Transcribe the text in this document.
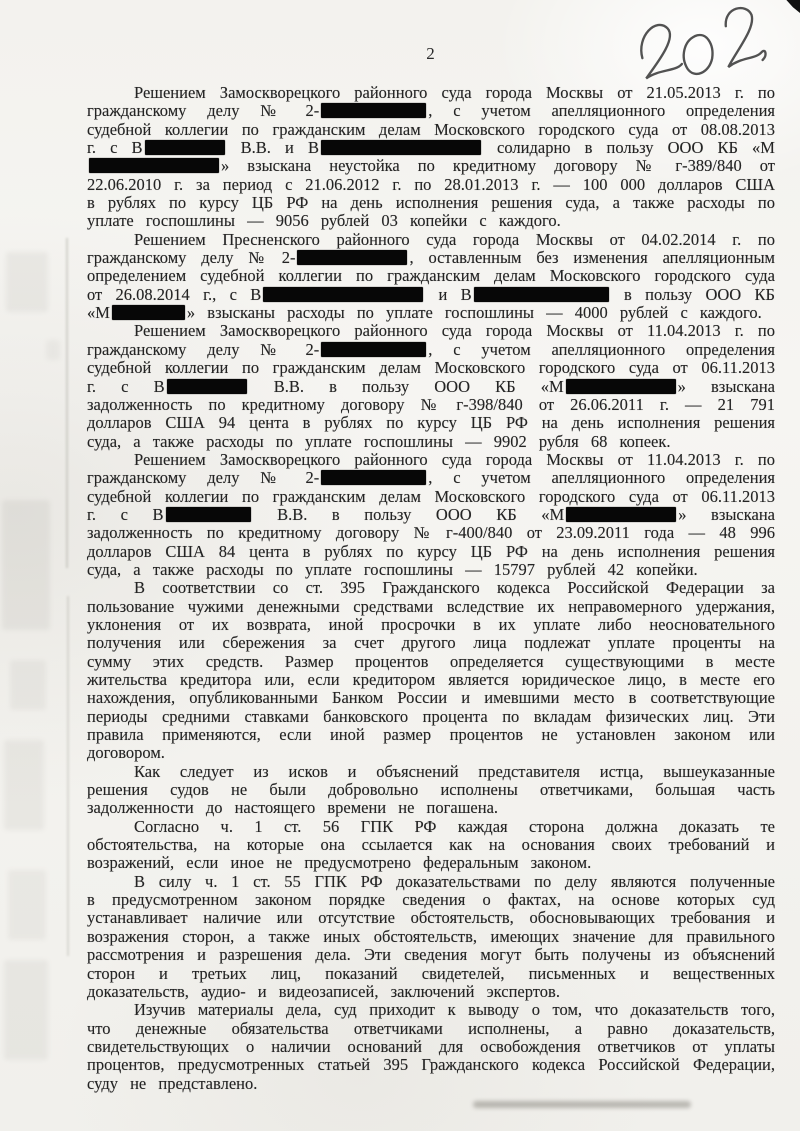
2

Решением Замоскворецкого районного суда города Москвы от 21.05.2013 г. по гражданскому делу № 2-	, с учетом апелляционного определения судебной коллегии по гражданским делам Московского городского суда от 08.08.2013 г. с В	В.В. и В	солидарно в пользу ООО КБ «М» взыскана неустойка по кредитному договору № г-389/840 от 22.06.2010 г. за период с 21.06.2012 г. по 28.01.2013 г. — 100 000 долларов США в рублях по курсу ЦБ РФ на день исполнения решения суда, а также расходы по уплате госпошлины — 9056 рублей 03 копейки с каждого.

Решением Пресненского районного суда города Москвы от 04.02.2014 г. по гражданскому делу № 2-	, оставленным без изменения апелляционным определением судебной коллегии по гражданским делам Московского городского суда от 26.08.2014 г., с В	и В	в пользу ООО КБ «М	» взысканы расходы по уплате госпошлины — 4000 рублей с каждого.

Решением Замоскворецкого районного суда города Москвы от 11.04.2013 г. по гражданскому делу № 2-	, с учетом апелляционного определения судебной коллегии по гражданским делам Московского городского суда от 06.11.2013 г. с В	В.В. в пользу ООО КБ «М	» взыскана задолженность по кредитному договору № г-398/840 от 26.06.2011 г. — 21 791 долларов США 94 цента в рублях по курсу ЦБ РФ на день исполнения решения суда, а также расходы по уплате госпошлины — 9902 рубля 68 копеек.

Решением Замоскворецкого районного суда города Москвы от 11.04.2013 г. по гражданскому делу № 2-	, с учетом апелляционного определения судебной коллегии по гражданским делам Московского городского суда от 06.11.2013 г. с В	В.В. в пользу ООО КБ «М	» взыскана задолженность по кредитному договору № г-400/840 от 23.09.2011 года — 48 996 долларов США 84 цента в рублях по курсу ЦБ РФ на день исполнения решения суда, а также расходы по уплате госпошлины — 15797 рублей 42 копейки.

В соответствии со ст. 395 Гражданского кодекса Российской Федерации за пользование чужими денежными средствами вследствие их неправомерного удержания, уклонения от их возврата, иной просрочки в их уплате либо неосновательного получения или сбережения за счет другого лица подлежат уплате проценты на сумму этих средств. Размер процентов определяется существующими в месте жительства кредитора или, если кредитором является юридическое лицо, в месте его нахождения, опубликованными Банком России и имевшими место в соответствующие периоды средними ставками банковского процента по вкладам физических лиц. Эти правила применяются, если иной размер процентов не установлен законом или договором.

Как следует из исков и объяснений представителя истца, вышеуказанные решения судов не были добровольно исполнены ответчиками, большая часть задолженности до настоящего времени не погашена.

Согласно ч. 1 ст. 56 ГПК РФ каждая сторона должна доказать те обстоятельства, на которые она ссылается как на основания своих требований и возражений, если иное не предусмотрено федеральным законом.

В силу ч. 1 ст. 55 ГПК РФ доказательствами по делу являются полученные в предусмотренном законом порядке сведения о фактах, на основе которых суд устанавливает наличие или отсутствие обстоятельств, обосновывающих требования и возражения сторон, а также иных обстоятельств, имеющих значение для правильного рассмотрения и разрешения дела. Эти сведения могут быть получены из объяснений сторон и третьих лиц, показаний свидетелей, письменных и вещественных доказательств, аудио- и видеозаписей, заключений экспертов.

Изучив материалы дела, суд приходит к выводу о том, что доказательств того, что денежные обязательства ответчиками исполнены, а равно доказательств, свидетельствующих о наличии оснований для освобождения ответчиков от уплаты процентов, предусмотренных статьей 395 Гражданского кодекса Российской Федерации, суду не представлено.
